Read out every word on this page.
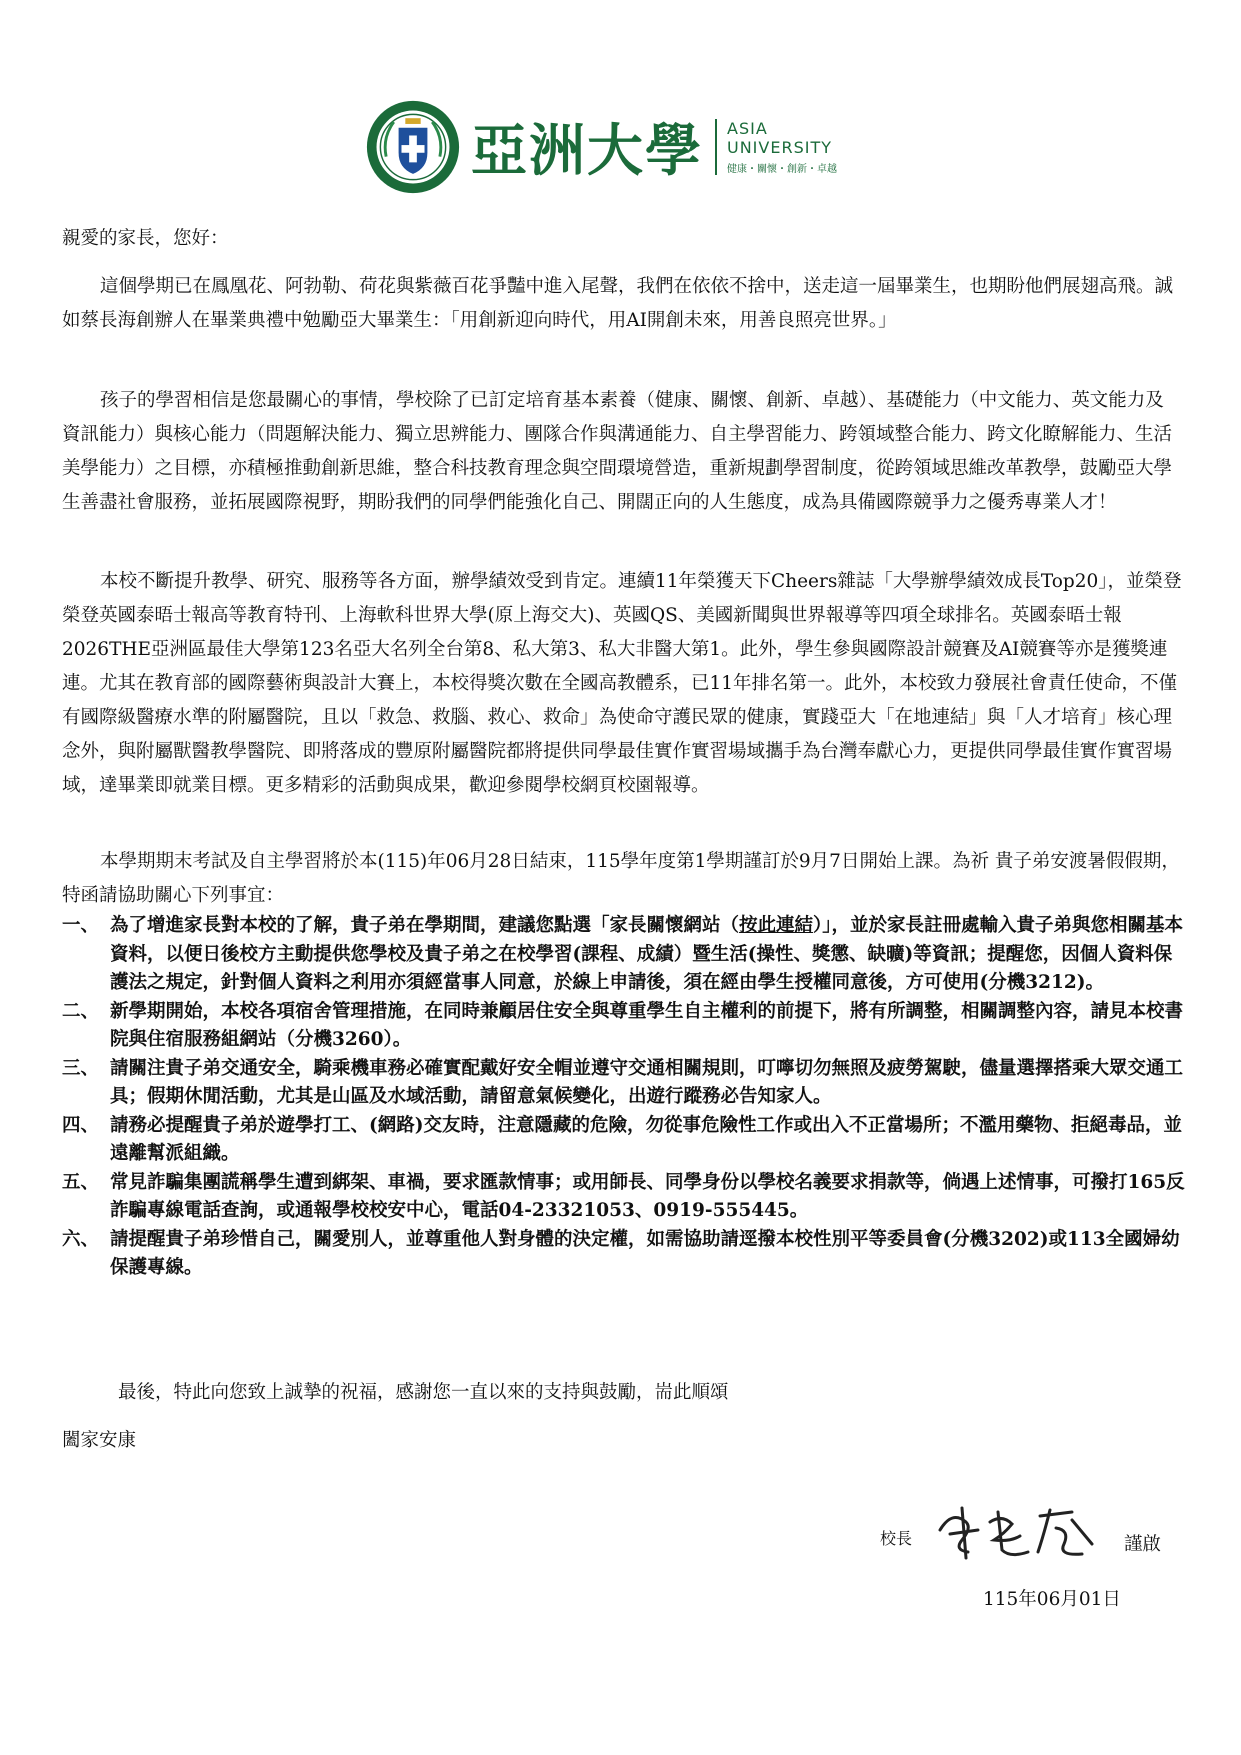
亞洲大學 ASIA
UNIVERSITY
健康・關懷・創新・卓越
親愛的家長，您好：

這個學期已在鳳凰花、阿勃勒、荷花與紫薇百花爭豔中進入尾聲，我們在依依不捨中，送走這一屆畢業生，也期盼他們展翅高飛。誠如蔡長海創辦人在畢業典禮中勉勵亞大畢業生：「用創新迎向時代，用AI開創未來，用善良照亮世界。」

孩子的學習相信是您最關心的事情，學校除了已訂定培育基本素養（健康、關懷、創新、卓越）、基礎能力（中文能力、英文能力及資訊能力）與核心能力（問題解決能力、獨立思辨能力、團隊合作與溝通能力、自主學習能力、跨領域整合能力、跨文化瞭解能力、生活美學能力）之目標，亦積極推動創新思維，整合科技教育理念與空間環境營造，重新規劃學習制度，從跨領域思維改革教學，鼓勵亞大學生善盡社會服務，並拓展國際視野，期盼我們的同學們能強化自己、開闊正向的人生態度，成為具備國際競爭力之優秀專業人才！

本校不斷提升教學、研究、服務等各方面，辦學績效受到肯定。連續11年榮獲天下Cheers雜誌「大學辦學績效成長Top20」，並榮登榮登英國泰晤士報高等教育特刊、上海軟科世界大學(原上海交大)、英國QS、美國新聞與世界報導等四項全球排名。英國泰晤士報2026THE亞洲區最佳大學第123名亞大名列全台第8、私大第3、私大非醫大第1。此外，學生參與國際設計競賽及AI競賽等亦是獲獎連連。尤其在教育部的國際藝術與設計大賽上，本校得獎次數在全國高教體系，已11年排名第一。此外，本校致力發展社會責任使命，不僅有國際級醫療水準的附屬醫院，且以「救急、救腦、救心、救命」為使命守護民眾的健康，實踐亞大「在地連結」與「人才培育」核心理念外，與附屬獸醫教學醫院、即將落成的豐原附屬醫院都將提供同學最佳實作實習場域攜手為台灣奉獻心力，更提供同學最佳實作實習場域，達畢業即就業目標。更多精彩的活動與成果，歡迎參閱學校網頁校園報導。

本學期期末考試及自主學習將於本(115)年06月28日結束，115學年度第1學期謹訂於9月7日開始上課。為祈 貴子弟安渡暑假假期，特函請協助關心下列事宜：

一、 為了增進家長對本校的了解，貴子弟在學期間，建議您點選「家長關懷網站（按此連結）」，並於家長註冊處輸入貴子弟與您相關基本資料，以便日後校方主動提供您學校及貴子弟之在校學習(課程、成績）暨生活(操性、獎懲、缺曠)等資訊；提醒您，因個人資料保護法之規定，針對個人資料之利用亦須經當事人同意，於線上申請後，須在經由學生授權同意後，方可使用(分機3212)。
二、 新學期開始，本校各項宿舍管理措施，在同時兼顧居住安全與尊重學生自主權利的前提下，將有所調整，相關調整內容，請見本校書院與住宿服務組網站（分機3260）。
三、 請關注貴子弟交通安全，騎乘機車務必確實配戴好安全帽並遵守交通相關規則，叮嚀切勿無照及疲勞駕駛，儘量選擇搭乘大眾交通工具；假期休閒活動，尤其是山區及水域活動，請留意氣候變化，出遊行蹤務必告知家人。
四、 請務必提醒貴子弟於遊學打工、(網路)交友時，注意隱藏的危險，勿從事危險性工作或出入不正當場所；不濫用藥物、拒絕毒品，並遠離幫派組織。
五、 常見詐騙集團謊稱學生遭到綁架、車禍，要求匯款情事；或用師長、同學身份以學校名義要求捐款等，倘遇上述情事，可撥打165反詐騙專線電話查詢，或通報學校校安中心，電話04-23321053、0919-555445。
六、 請提醒貴子弟珍惜自己，關愛別人，並尊重他人對身體的決定權，如需協助請逕撥本校性別平等委員會(分機3202)或113全國婦幼保護專線。
最後，特此向您致上誠摯的祝福，感謝您一直以來的支持與鼓勵，耑此順頌
闔家安康
校長	謹啟
115年06月01日
